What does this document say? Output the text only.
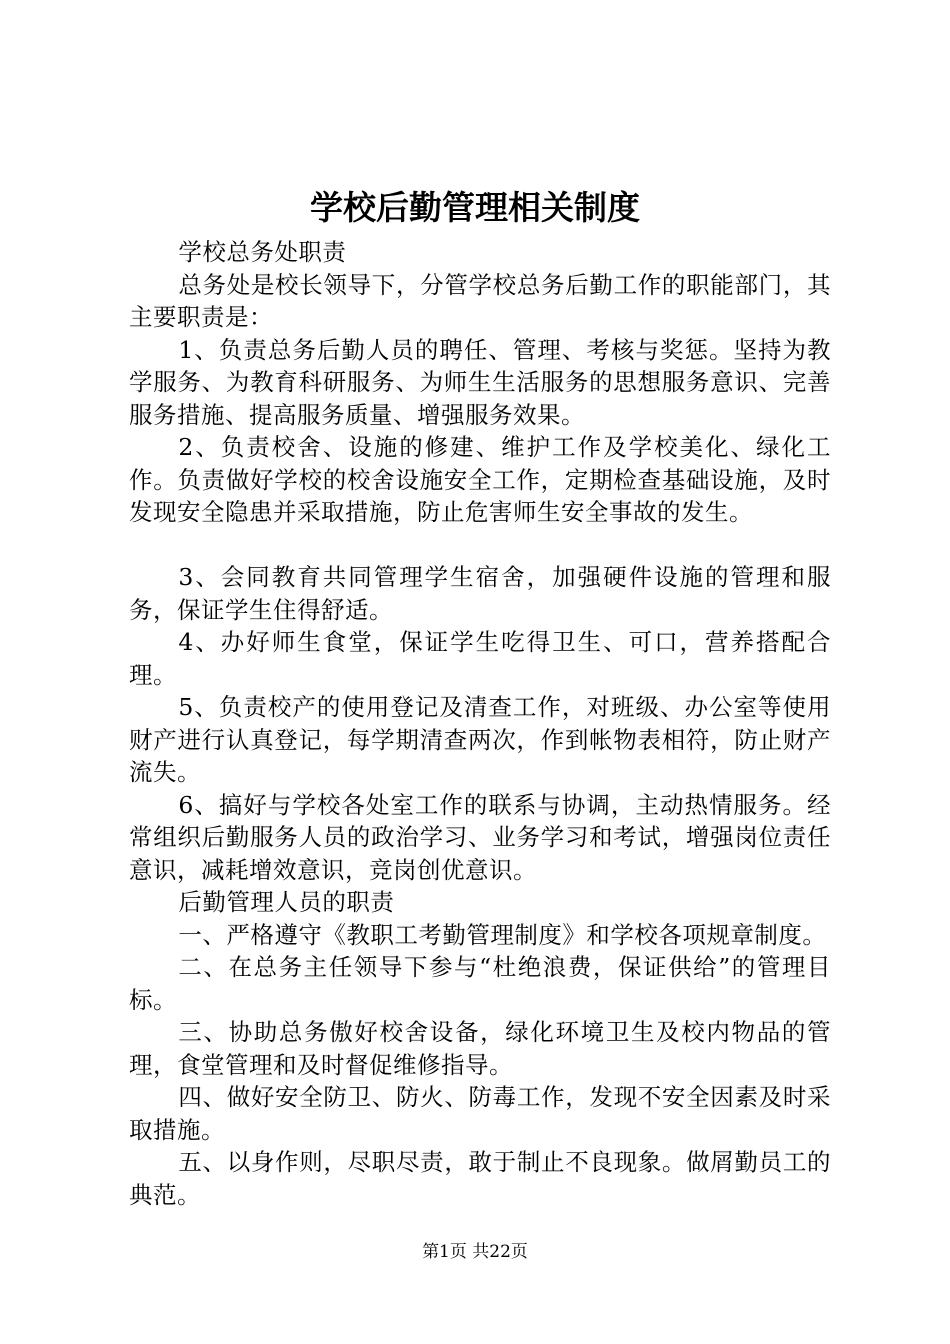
学校后勤管理相关制度

学校总务处职责

总务处是校长领导下，分管学校总务后勤工作的职能部门，其主要职责是：

1、负责总务后勤人员的聘任、管理、考核与奖惩。坚持为教学服务、为教育科研服务、为师生生活服务的思想服务意识、完善服务措施、提高服务质量、增强服务效果。

2、负责校舍、设施的修建、维护工作及学校美化、绿化工作。负责做好学校的校舍设施安全工作，定期检查基础设施，及时发现安全隐患并采取措施，防止危害师生安全事故的发生。

3、会同教育共同管理学生宿舍，加强硬件设施的管理和服务，保证学生住得舒适。

4、办好师生食堂，保证学生吃得卫生、可口，营养搭配合理。

5、负责校产的使用登记及清查工作，对班级、办公室等使用财产进行认真登记，每学期清查两次，作到帐物表相符，防止财产流失。

6、搞好与学校各处室工作的联系与协调，主动热情服务。经常组织后勤服务人员的政治学习、业务学习和考试，增强岗位责任意识，减耗增效意识，竞岗创优意识。

后勤管理人员的职责

一、严格遵守《教职工考勤管理制度》和学校各项规章制度。

二、在总务主任领导下参与“杜绝浪费，保证供给”的管理目标。

三、协助总务傲好校舍设备，绿化环境卫生及校内物品的管理，食堂管理和及时督促维修指导。

四、做好安全防卫、防火、防毒工作，发现不安全因素及时采取措施。

五、以身作则，尽职尽责，敢于制止不良现象。做屑勤员工的典范。

第1页 共22页
